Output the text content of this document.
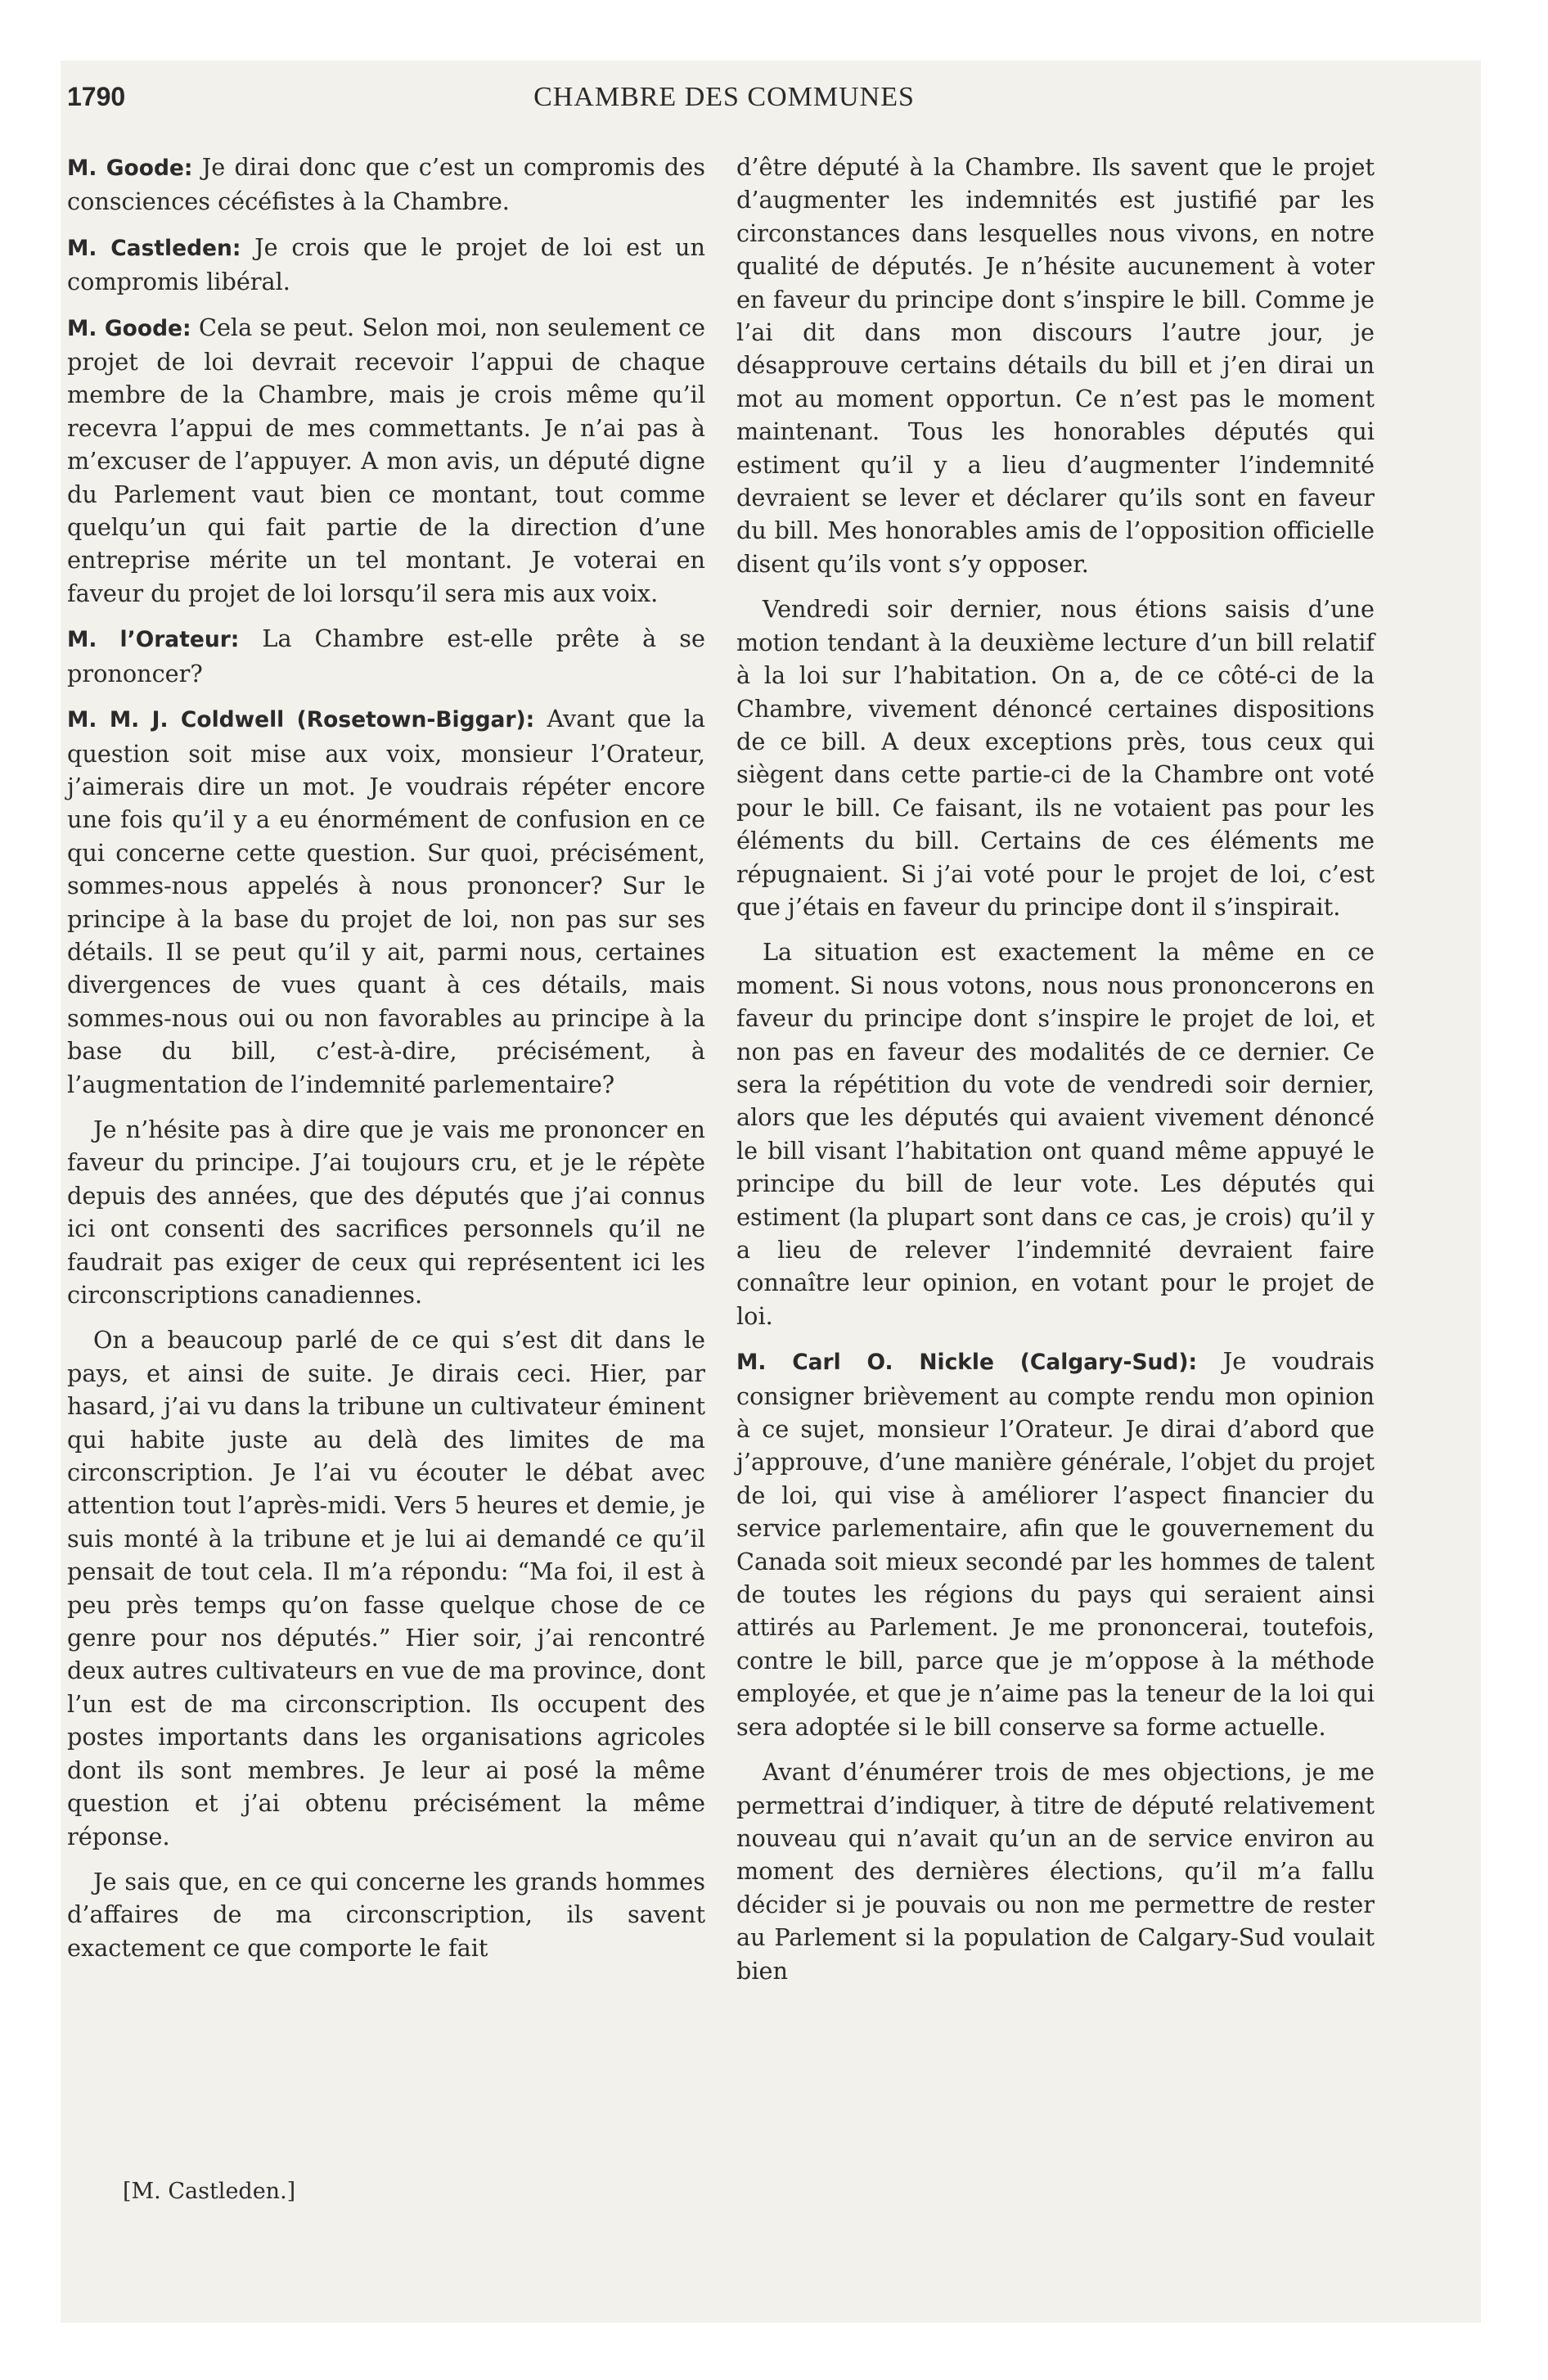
1790	CHAMBRE DES COMMUNES

M. Goode: Je dirai donc que c’est un compromis des consciences cécéfistes à la Chambre.

M. Castleden: Je crois que le projet de loi est un compromis libéral.

M. Goode: Cela se peut. Selon moi, non seulement ce projet de loi devrait recevoir l’appui de chaque membre de la Chambre, mais je crois même qu’il recevra l’appui de mes commettants. Je n’ai pas à m’excuser de l’appuyer. A mon avis, un député digne du Parlement vaut bien ce montant, tout comme quelqu’un qui fait partie de la direction d’une entreprise mérite un tel montant. Je voterai en faveur du projet de loi lorsqu’il sera mis aux voix.

M. l’Orateur: La Chambre est-elle prête à se prononcer?

M. M. J. Coldwell (Rosetown-Biggar): Avant que la question soit mise aux voix, monsieur l’Orateur, j’aimerais dire un mot. Je voudrais répéter encore une fois qu’il y a eu énormément de confusion en ce qui concerne cette question. Sur quoi, précisément, sommes-nous appelés à nous prononcer? Sur le principe à la base du projet de loi, non pas sur ses détails. Il se peut qu’il y ait, parmi nous, certaines divergences de vues quant à ces détails, mais sommes-nous oui ou non favorables au principe à la base du bill, c’est-à-dire, précisément, à l’augmentation de l’indemnité parlementaire?

Je n’hésite pas à dire que je vais me prononcer en faveur du principe. J’ai toujours cru, et je le répète depuis des années, que des députés que j’ai connus ici ont consenti des sacrifices personnels qu’il ne faudrait pas exiger de ceux qui représentent ici les circonscriptions canadiennes.

On a beaucoup parlé de ce qui s’est dit dans le pays, et ainsi de suite. Je dirais ceci. Hier, par hasard, j’ai vu dans la tribune un cultivateur éminent qui habite juste au delà des limites de ma circonscription. Je l’ai vu écouter le débat avec attention tout l’après-midi. Vers 5 heures et demie, je suis monté à la tribune et je lui ai demandé ce qu’il pensait de tout cela. Il m’a répondu: “Ma foi, il est à peu près temps qu’on fasse quelque chose de ce genre pour nos députés.” Hier soir, j’ai rencontré deux autres cultivateurs en vue de ma province, dont l’un est de ma circonscription. Ils occupent des postes importants dans les organisations agricoles dont ils sont membres. Je leur ai posé la même question et j’ai obtenu précisément la même réponse.

Je sais que, en ce qui concerne les grands hommes d’affaires de ma circonscription, ils savent exactement ce que comporte le fait

d’être député à la Chambre. Ils savent que le projet d’augmenter les indemnités est justifié par les circonstances dans lesquelles nous vivons, en notre qualité de députés. Je n’hésite aucunement à voter en faveur du principe dont s’inspire le bill. Comme je l’ai dit dans mon discours l’autre jour, je désapprouve certains détails du bill et j’en dirai un mot au moment opportun. Ce n’est pas le moment maintenant. Tous les honorables députés qui estiment qu’il y a lieu d’augmenter l’indemnité devraient se lever et déclarer qu’ils sont en faveur du bill. Mes honorables amis de l’opposition officielle disent qu’ils vont s’y opposer.

Vendredi soir dernier, nous étions saisis d’une motion tendant à la deuxième lecture d’un bill relatif à la loi sur l’habitation. On a, de ce côté-ci de la Chambre, vivement dénoncé certaines dispositions de ce bill. A deux exceptions près, tous ceux qui siègent dans cette partie-ci de la Chambre ont voté pour le bill. Ce faisant, ils ne votaient pas pour les éléments du bill. Certains de ces éléments me répugnaient. Si j’ai voté pour le projet de loi, c’est que j’étais en faveur du principe dont il s’inspirait.

La situation est exactement la même en ce moment. Si nous votons, nous nous prononcerons en faveur du principe dont s’inspire le projet de loi, et non pas en faveur des modalités de ce dernier. Ce sera la répétition du vote de vendredi soir dernier, alors que les députés qui avaient vivement dénoncé le bill visant l’habitation ont quand même appuyé le principe du bill de leur vote. Les députés qui estiment (la plupart sont dans ce cas, je crois) qu’il y a lieu de relever l’indemnité devraient faire connaître leur opinion, en votant pour le projet de loi.

M. Carl O. Nickle (Calgary-Sud): Je voudrais consigner brièvement au compte rendu mon opinion à ce sujet, monsieur l’Orateur. Je dirai d’abord que j’approuve, d’une manière générale, l’objet du projet de loi, qui vise à améliorer l’aspect financier du service parlementaire, afin que le gouvernement du Canada soit mieux secondé par les hommes de talent de toutes les régions du pays qui seraient ainsi attirés au Parlement. Je me prononcerai, toutefois, contre le bill, parce que je m’oppose à la méthode employée, et que je n’aime pas la teneur de la loi qui sera adoptée si le bill conserve sa forme actuelle.

Avant d’énumérer trois de mes objections, je me permettrai d’indiquer, à titre de député relativement nouveau qui n’avait qu’un an de service environ au moment des dernières élections, qu’il m’a fallu décider si je pouvais ou non me permettre de rester au Parlement si la population de Calgary-Sud voulait bien

[M. Castleden.]
